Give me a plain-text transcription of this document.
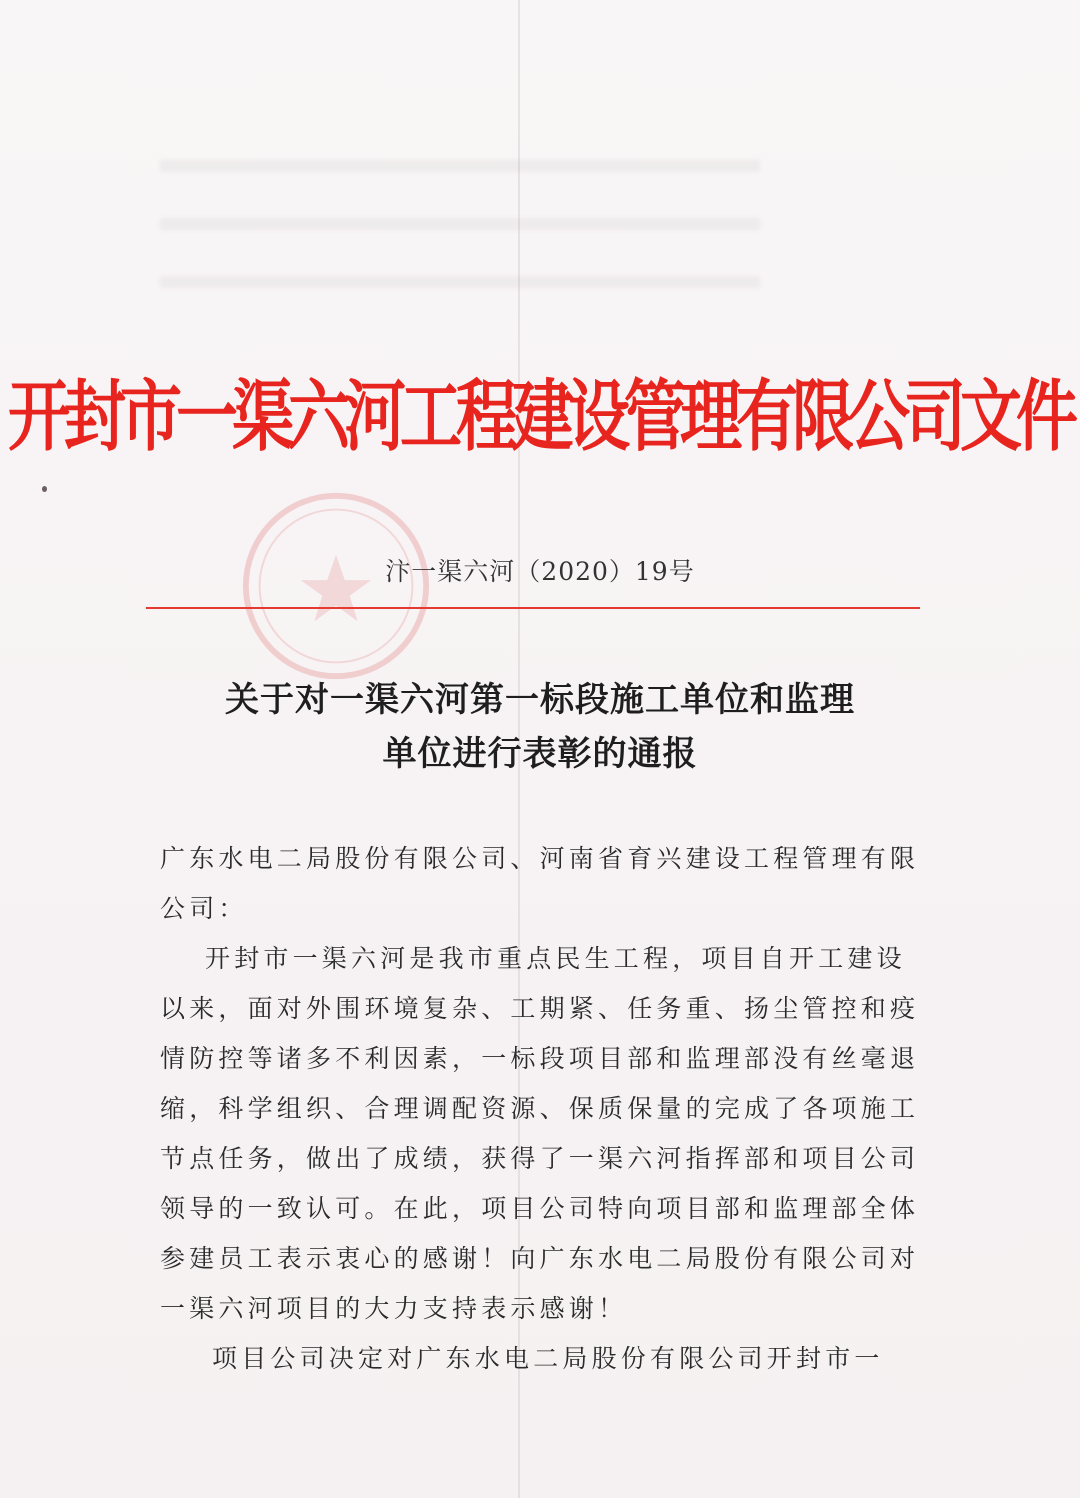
开封市一渠六河工程建设管理有限公司文件
汴一渠六河（2020）19号
关于对一渠六河第一标段施工单位和监理
单位进行表彰的通报
广东水电二局股份有限公司、河南省育兴建设工程管理有限
公司：
开封市一渠六河是我市重点民生工程，项目自开工建设
以来，面对外围环境复杂、工期紧、任务重、扬尘管控和疫
情防控等诸多不利因素，一标段项目部和监理部没有丝毫退
缩，科学组织、合理调配资源、保质保量的完成了各项施工
节点任务，做出了成绩，获得了一渠六河指挥部和项目公司
领导的一致认可。在此，项目公司特向项目部和监理部全体
参建员工表示衷心的感谢！向广东水电二局股份有限公司对
一渠六河项目的大力支持表示感谢！
项目公司决定对广东水电二局股份有限公司开封市一
